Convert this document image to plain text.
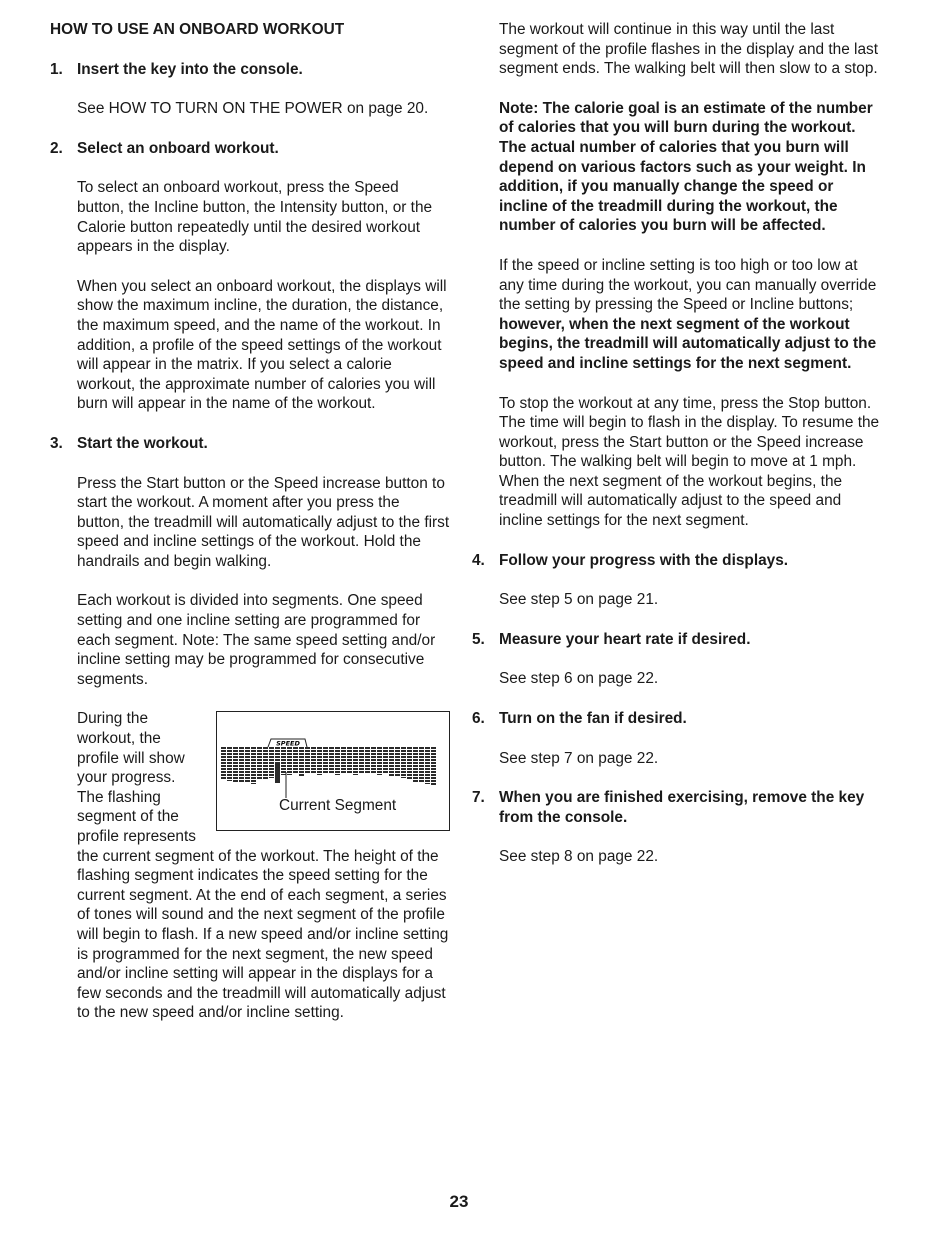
HOW TO USE AN ONBOARD WORKOUT
1. Insert the key into the console.
See HOW TO TURN ON THE POWER on page 20.
2. Select an onboard workout.
To select an onboard workout, press the Speed button, the Incline button, the Intensity button, or the Calorie button repeatedly until the desired workout appears in the display.
When you select an onboard workout, the displays will show the maximum incline, the duration, the distance, the maximum speed, and the name of the workout. In addition, a profile of the speed settings of the workout will appear in the matrix. If you select a calorie workout, the approximate number of calories you will burn will appear in the name of the workout.
3. Start the workout.
Press the Start button or the Speed increase button to start the workout. A moment after you press the button, the treadmill will automatically adjust to the first speed and incline settings of the workout. Hold the handrails and begin walking.
Each workout is divided into segments. One speed setting and one incline setting are programmed for each segment. Note: The same speed setting and/or incline setting may be programmed for consecutive segments.
SPEED
Current Segment
During the workout, the profile will show your progress. The flashing segment of the profile represents the current segment of the workout. The height of the flashing segment indicates the speed setting for the current segment. At the end of each segment, a series of tones will sound and the next segment of the profile will begin to flash. If a new speed and/or incline setting is programmed for the next segment, the new speed and/or incline setting will appear in the displays for a few seconds and the treadmill will automatically adjust to the new speed and/or incline setting.
The workout will continue in this way until the last segment of the profile flashes in the display and the last segment ends. The walking belt will then slow to a stop.
Note: The calorie goal is an estimate of the number of calories that you will burn during the workout. The actual number of calories that you burn will depend on various factors such as your weight. In addition, if you manually change the speed or incline of the treadmill during the workout, the number of calories you burn will be affected.
If the speed or incline setting is too high or too low at any time during the workout, you can manually override the setting by pressing the Speed or Incline buttons; however, when the next segment of the workout begins, the treadmill will automatically adjust to the speed and incline settings for the next segment.
To stop the workout at any time, press the Stop button. The time will begin to flash in the display. To resume the workout, press the Start button or the Speed increase button. The walking belt will begin to move at 1 mph. When the next segment of the workout begins, the treadmill will automatically adjust to the speed and incline settings for the next segment.
4. Follow your progress with the displays.
See step 5 on page 21.
5. Measure your heart rate if desired.
See step 6 on page 22.
6. Turn on the fan if desired.
See step 7 on page 22.
7. When you are finished exercising, remove the key from the console.
See step 8 on page 22.
23
